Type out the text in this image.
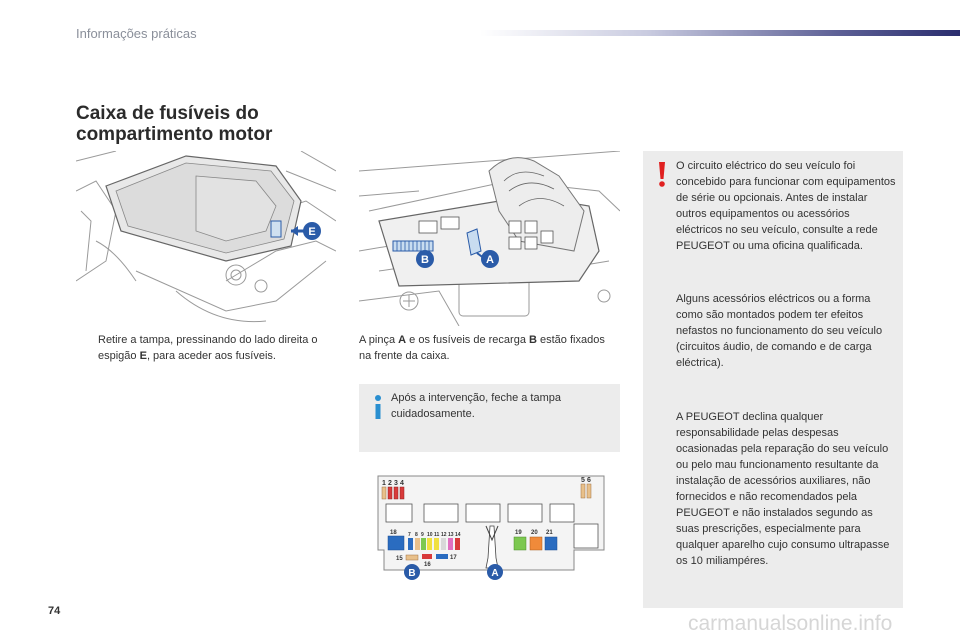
Informações práticas
Caixa de fusíveis do
compartimento motor
E
B	A
Retire a tampa, pressinando do lado direita o espigão E, para aceder aos fusíveis.
A pinça A e os fusíveis de recarga B estão fixados na frente da caixa.
Após a intervenção, feche a tampa cuidadosamente.
1 2 3 4	5 6
18
15
7 8 9 10 11 12 13 14
16
17
19 20 21
B	A
O circuito eléctrico do seu veículo foi concebido para funcionar com equipamentos de série ou opcionais. Antes de instalar outros equipamentos ou acessórios eléctricos no seu veículo, consulte a rede PEUGEOT ou uma oficina qualificada.
Alguns acessórios eléctricos ou a forma como são montados podem ter efeitos nefastos no funcionamento do seu veículo (circuitos áudio, de comando e de carga eléctrica).
A PEUGEOT declina qualquer responsabilidade pelas despesas ocasionadas pela reparação do seu veículo ou pelo mau funcionamento resultante da instalação de acessórios auxiliares, não fornecidos e não recomendados pela PEUGEOT e não instalados segundo as suas prescrições, especialmente para qualquer aparelho cujo consumo ultrapasse os 10 miliampéres.
74
carmanualsonline.info
